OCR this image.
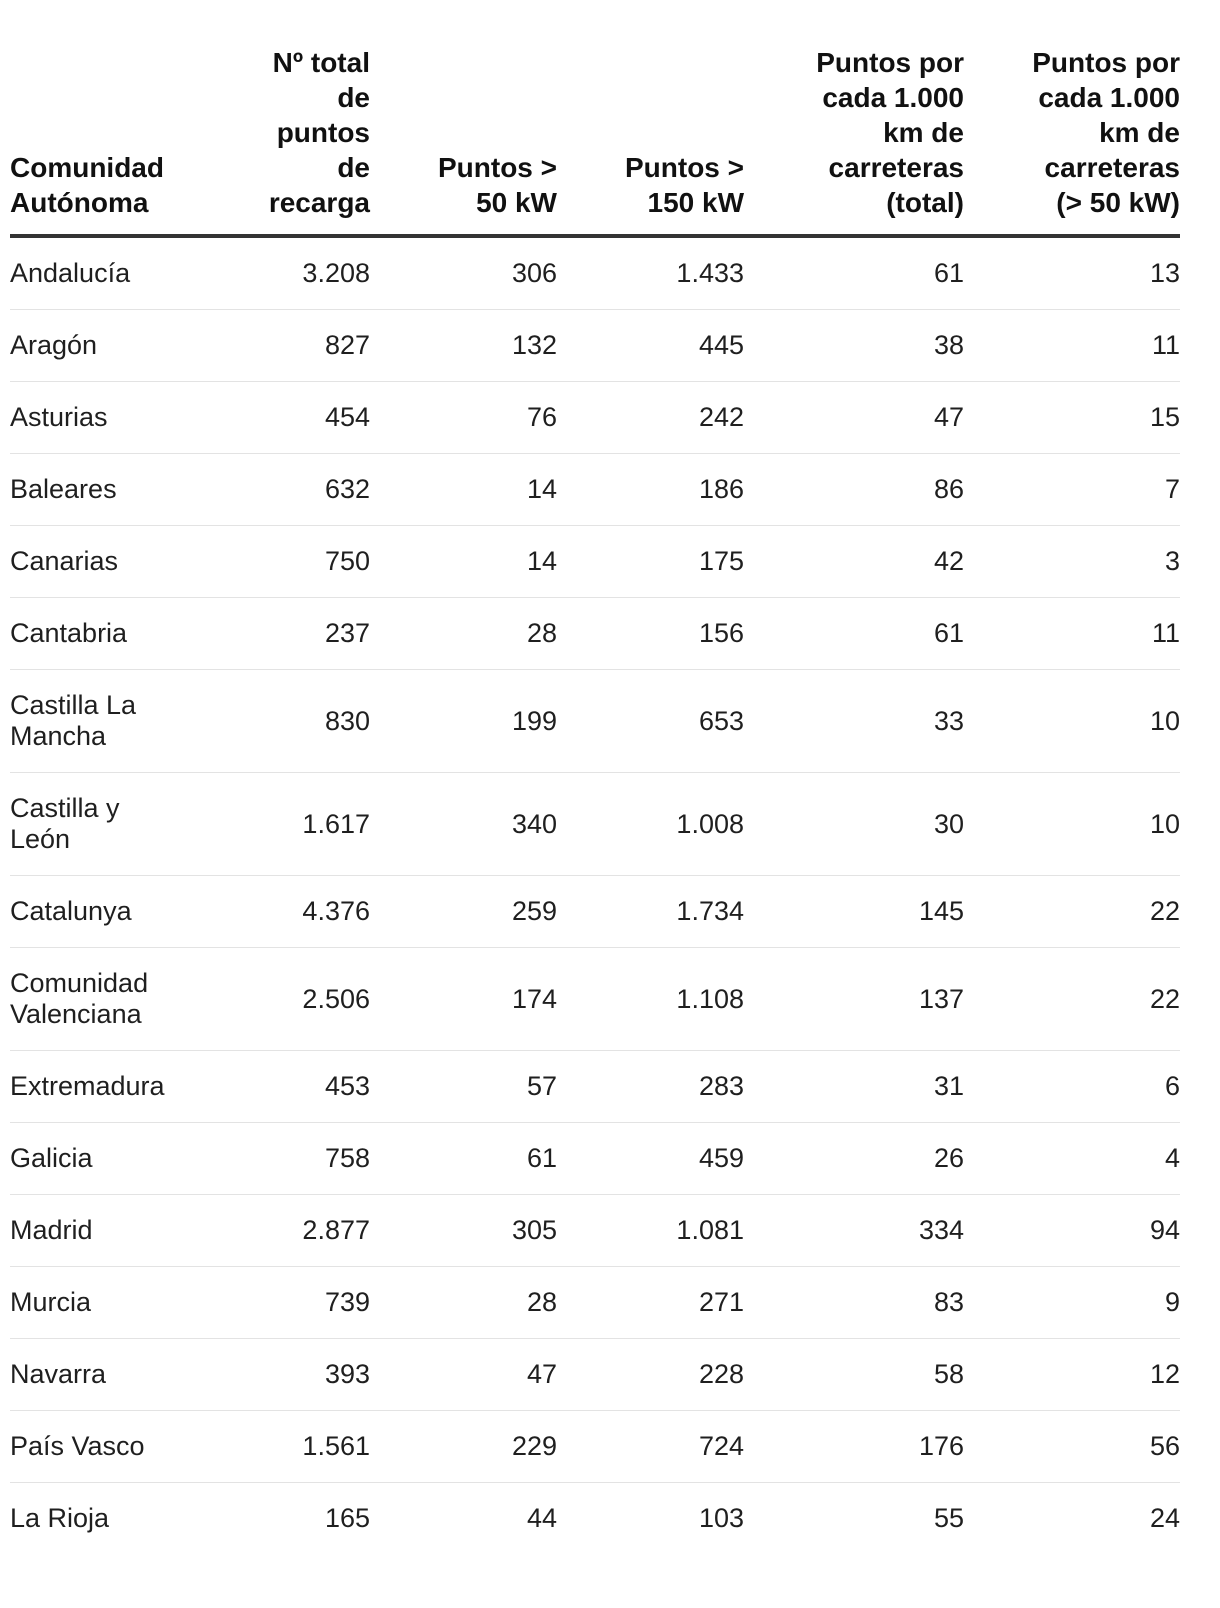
Comunidad Autónoma	Nº total de puntos de recarga	Puntos > 50 kW	Puntos > 150 kW	Puntos por cada 1.000 km de carreteras (total)	Puntos por cada 1.000 km de carreteras (> 50 kW)
Andalucía	3.208	306	1.433	61	13
Aragón	827	132	445	38	11
Asturias	454	76	242	47	15
Baleares	632	14	186	86	7
Canarias	750	14	175	42	3
Cantabria	237	28	156	61	11
Castilla La Mancha	830	199	653	33	10
Castilla y León	1.617	340	1.008	30	10
Catalunya	4.376	259	1.734	145	22
Comunidad Valenciana	2.506	174	1.108	137	22
Extremadura	453	57	283	31	6
Galicia	758	61	459	26	4
Madrid	2.877	305	1.081	334	94
Murcia	739	28	271	83	9
Navarra	393	47	228	58	12
País Vasco	1.561	229	724	176	56
La Rioja	165	44	103	55	24
